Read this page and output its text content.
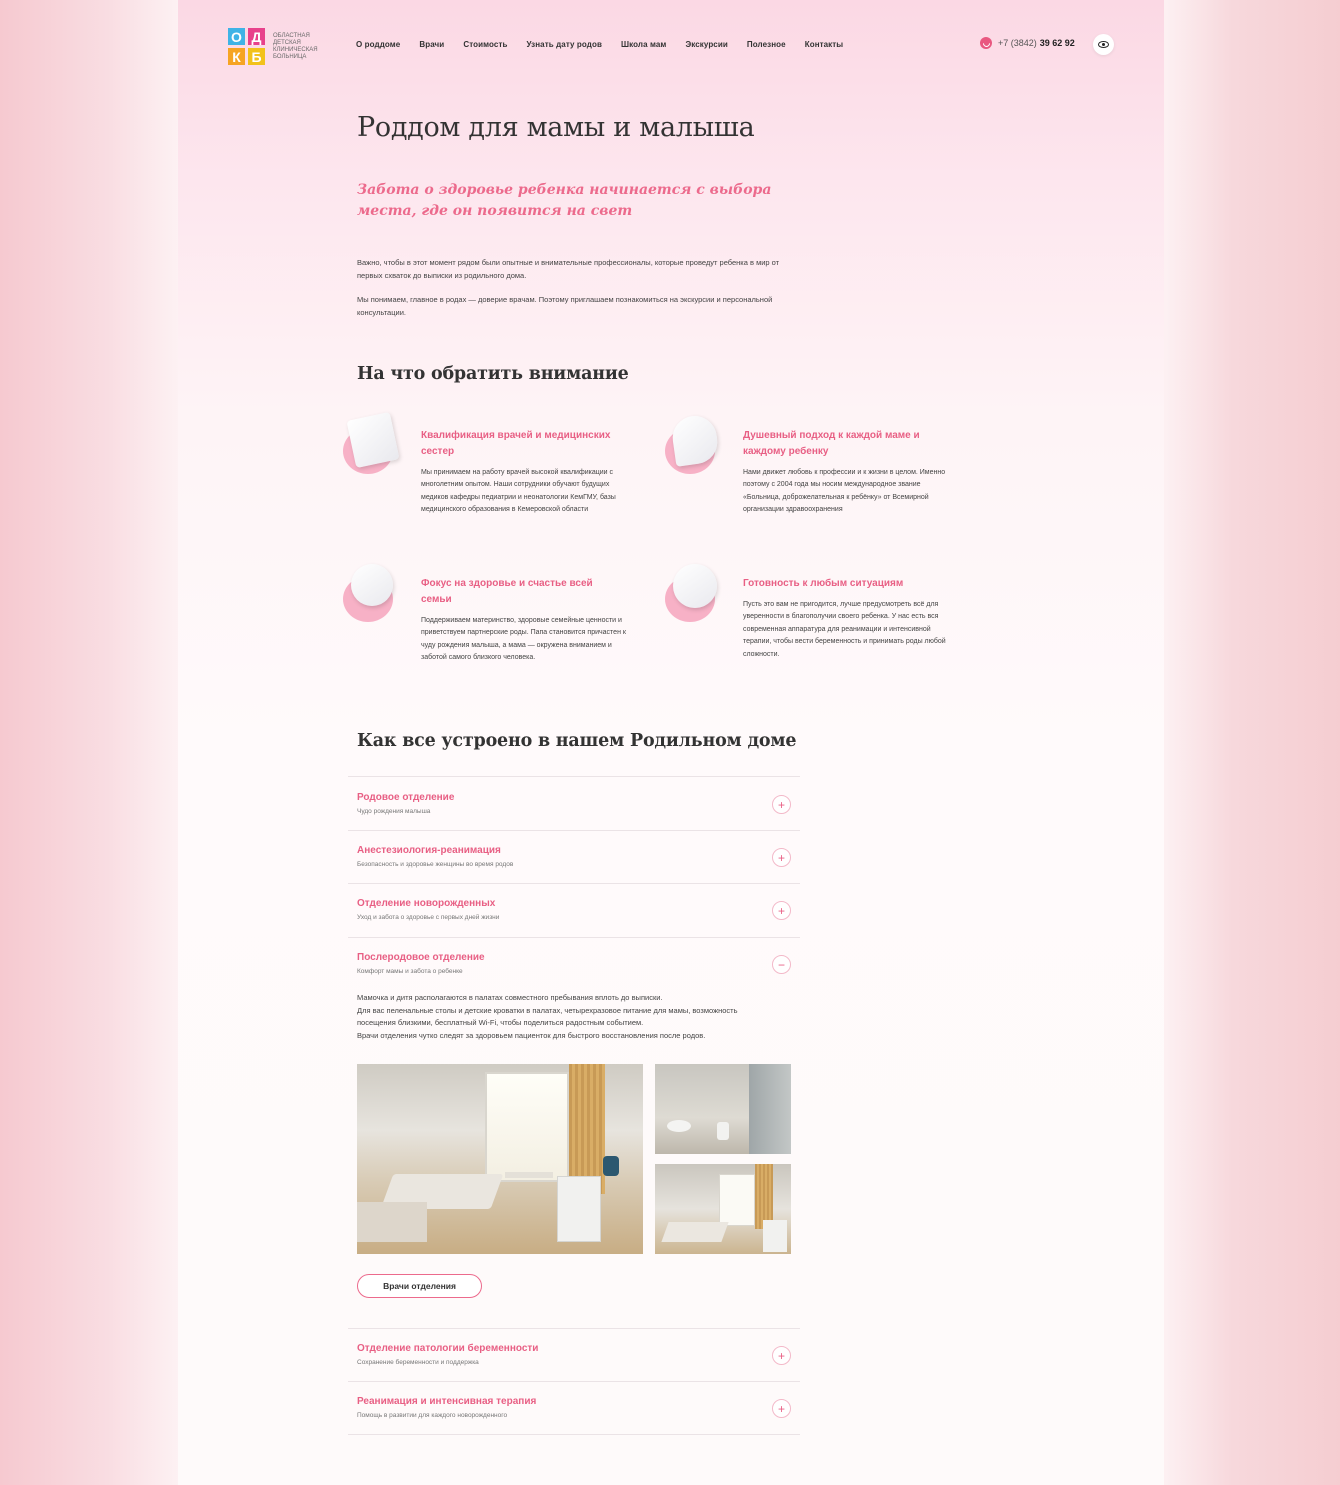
О Д
К Б
ОБЛАСТНАЯ ДЕТСКАЯ КЛИНИЧЕСКАЯ БОЛЬНИЦА
О роддоме Врачи Стоимость Узнать дату родов Школа мам Экскурсии Полезное Контакты	+7 (3842) 39 62 92
Роддом для мамы и малыша
Забота о здоровье ребенка начинается с выбора места, где он появится на свет

Важно, чтобы в этот момент рядом были опытные и внимательные профессионалы, которые проведут ребенка в мир от первых схваток до выписки из родильного дома.

Мы понимаем, главное в родах — доверие врачам. Поэтому приглашаем познакомиться на экскурсии и персональной консультации.

На что обратить внимание
Квалификация врачей и медицинских сестер
Мы принимаем на работу врачей высокой квалификации с многолетним опытом. Наши сотрудники обучают будущих медиков кафедры педиатрии и неонатологии КемГМУ, базы медицинского образования в Кемеровской области
Душевный подход к каждой маме и каждому ребенку
Нами движет любовь к профессии и к жизни в целом. Именно поэтому с 2004 года мы носим международное звание «Больница, доброжелательная к ребёнку» от Всемирной организации здравоохранения
Фокус на здоровье и счастье всей семьи
Поддерживаем материнство, здоровые семейные ценности и приветствуем партнерские роды. Папа становится причастен к чуду рождения малыша, а мама — окружена вниманием и заботой самого близкого человека.
Готовность к любым ситуациям
Пусть это вам не пригодится, лучше предусмотреть всё для уверенности в благополучии своего ребенка. У нас есть вся современная аппаратура для реанимации и интенсивной терапии, чтобы вести беременность и принимать роды любой сложности.
Как все устроено в нашем Родильном доме
Родовое отделение
Чудо рождения малыша	+
Анестезиология-реанимация
Безопасность и здоровье женщины во время родов	+
Отделение новорожденных
Уход и забота о здоровье с первых дней жизни	+
Послеродовое отделение
Комфорт мамы и забота о ребенке	−
Отделение патологии беременности
Сохранение беременности и поддержка	+
Реанимация и интенсивная терапия
Помощь в развитии для каждого новорожденного	+

Мамочка и дитя располагаются в палатах совместного пребывания вплоть до выписки.

Для вас пеленальные столы и детские кроватки в палатах, четырехразовое питание для мамы, возможность посещения близкими, бесплатный Wi-Fi, чтобы поделиться радостным событием.

Врачи отделения чутко следят за здоровьем пациенток для быстрого восстановления после родов.

Врачи отделения
